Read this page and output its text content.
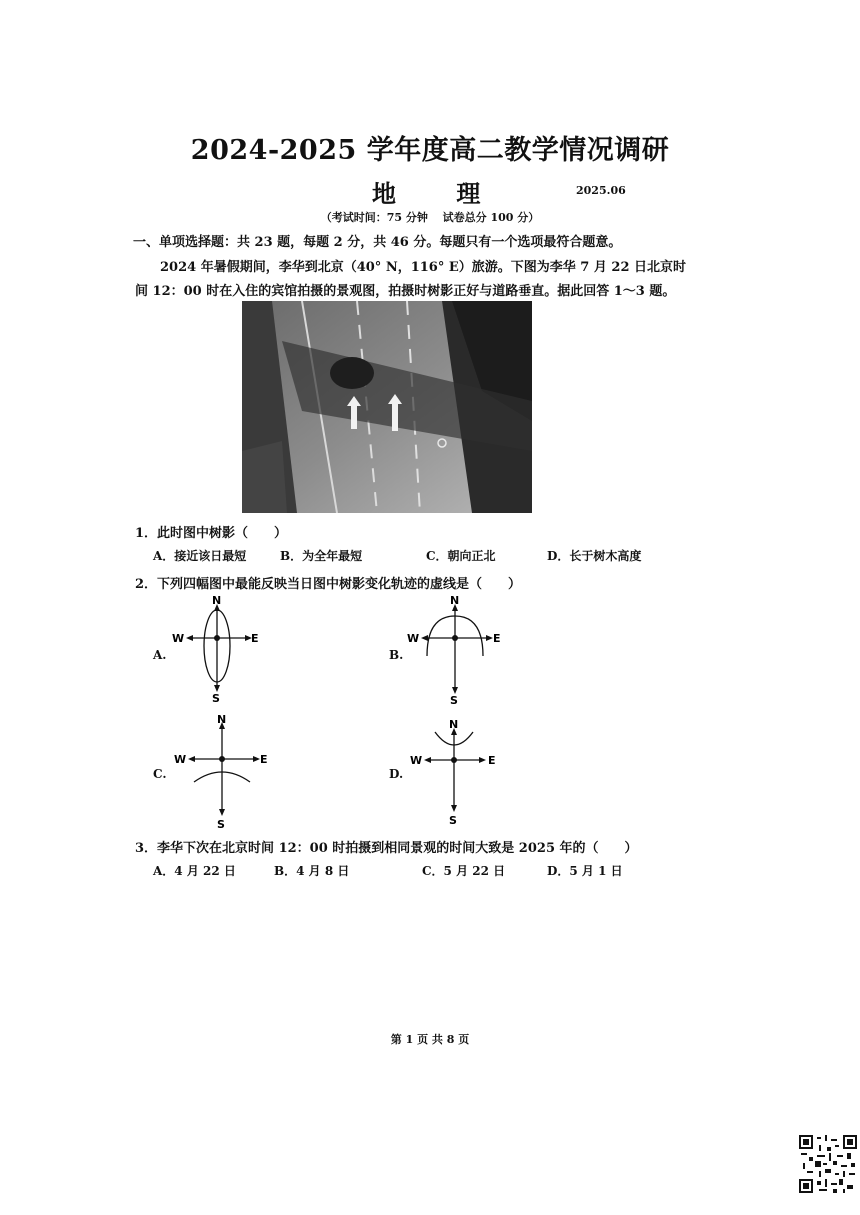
2024-2025 学年度高二教学情况调研
地 理	2025.06
（考试时间：75 分钟　 试卷总分 100 分）
一、单项选择题：共 23 题，每题 2 分，共 46 分。每题只有一个选项最符合题意。
2024 年暑假期间，李华到北京（40° N，116° E）旅游。下图为李华 7 月 22 日北京时
间 12：00 时在入住的宾馆拍摄的景观图，拍摄时树影正好与道路垂直。据此回答 1～3 题。
1．此时图中树影（　　）
A．接近该日最短	B．为全年最短	C．朝向正北	D．长于树木高度
2．下列四幅图中最能反映当日图中树影变化轨迹的虚线是（　　）
A.	B.
C.	D.
N
S
W	E
N
S
W	E
N
S
W	E
N
S
W	E
3．李华下次在北京时间 12：00 时拍摄到相同景观的时间大致是 2025 年的（　　）
A．4 月 22 日	B．4 月 8 日	C．5 月 22 日	D．5 月 1 日
第 1 页 共 8 页
